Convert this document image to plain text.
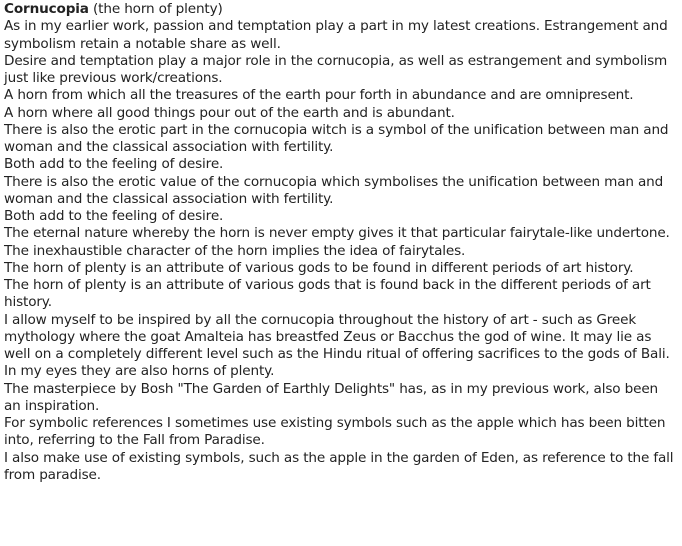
Cornucopia (the horn of plenty)

As in my earlier work, passion and temptation play a part in my latest creations. Estrangement and symbolism retain a notable share as well.

Desire and temptation play a major role in the cornucopia, as well as estrangement and symbolism just like previous work/creations.

A horn from which all the treasures of the earth pour forth in abundance and are omnipresent.

A horn where all good things pour out of the earth and is abundant.

There is also the erotic part in the cornucopia witch is a symbol of the unification between man and woman and the classical association with fertility.

Both add to the feeling of desire.

There is also the erotic value of the cornucopia which symbolises the unification between man and woman and the classical association with fertility.

Both add to the feeling of desire.

The eternal nature whereby the horn is never empty gives it that particular fairytale-like undertone.

The inexhaustible character of the horn implies the idea of fairytales.

The horn of plenty is an attribute of various gods to be found in different periods of art history.

The horn of plenty is an attribute of various gods that is found back in the different periods of art history.

I allow myself to be inspired by all the cornucopia throughout the history of art - such as Greek mythology where the goat Amalteia has breastfed Zeus or Bacchus the god of wine. It may lie as well on a completely different level such as the Hindu ritual of offering sacrifices to the gods of Bali.

In my eyes they are also horns of plenty.

The masterpiece by Bosh "The Garden of Earthly Delights" has, as in my previous work, also been an inspiration.

For symbolic references I sometimes use existing symbols such as the apple which has been bitten into, referring to the Fall from Paradise.

I also make use of existing symbols, such as the apple in the garden of Eden, as reference to the fall from paradise.
